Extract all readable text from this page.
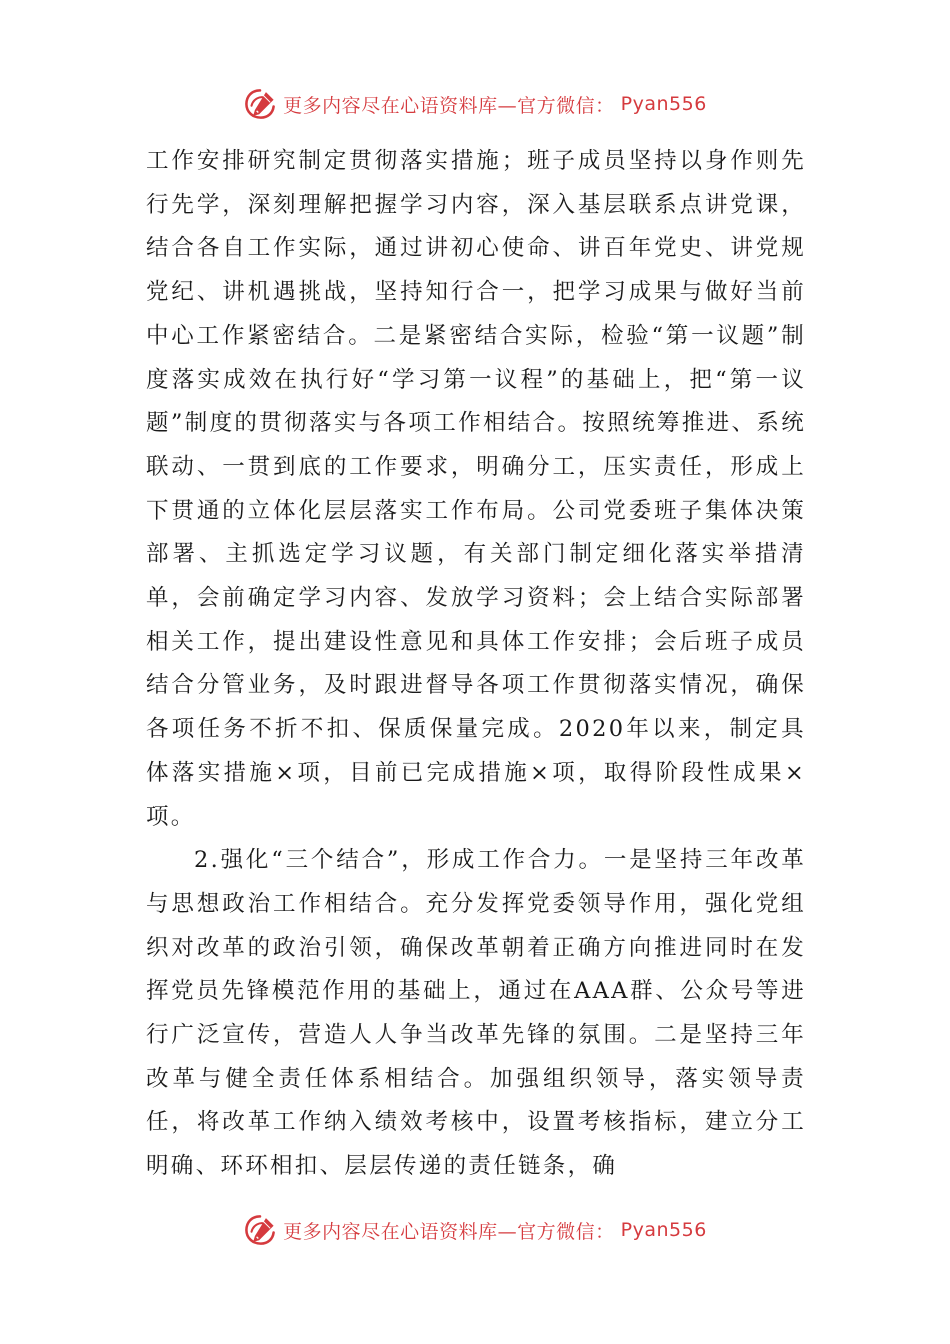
更多内容尽在心语资料库—官方微信： Pyan556

工作安排研究制定贯彻落实措施；班子成员坚持以身作则先行先学，深刻理解把握学习内容，深入基层联系点讲党课，结合各自工作实际，通过讲初心使命、讲百年党史、讲党规党纪、讲机遇挑战，坚持知行合一，把学习成果与做好当前中心工作紧密结合。二是紧密结合实际，检验“第一议题”制度落实成效在执行好“学习第一议程”的基础上，把“第一议题”制度的贯彻落实与各项工作相结合。按照统筹推进、系统联动、一贯到底的工作要求，明确分工，压实责任，形成上下贯通的立体化层层落实工作布局。公司党委班子集体决策部署、主抓选定学习议题，有关部门制定细化落实举措清单，会前确定学习内容、发放学习资料；会上结合实际部署相关工作，提出建设性意见和具体工作安排；会后班子成员结合分管业务，及时跟进督导各项工作贯彻落实情况，确保各项任务不折不扣、保质保量完成。2020年以来，制定具体落实措施×项，目前已完成措施×项，取得阶段性成果×项。

2.强化“三个结合”，形成工作合力。一是坚持三年改革与思想政治工作相结合。充分发挥党委领导作用，强化党组织对改革的政治引领，确保改革朝着正确方向推进同时在发挥党员先锋模范作用的基础上，通过在AAA群、公众号等进行广泛宣传，营造人人争当改革先锋的氛围。二是坚持三年改革与健全责任体系相结合。加强组织领导，落实领导责任，将改革工作纳入绩效考核中，设置考核指标，建立分工明确、环环相扣、层层传递的责任链条，确

更多内容尽在心语资料库—官方微信： Pyan556
